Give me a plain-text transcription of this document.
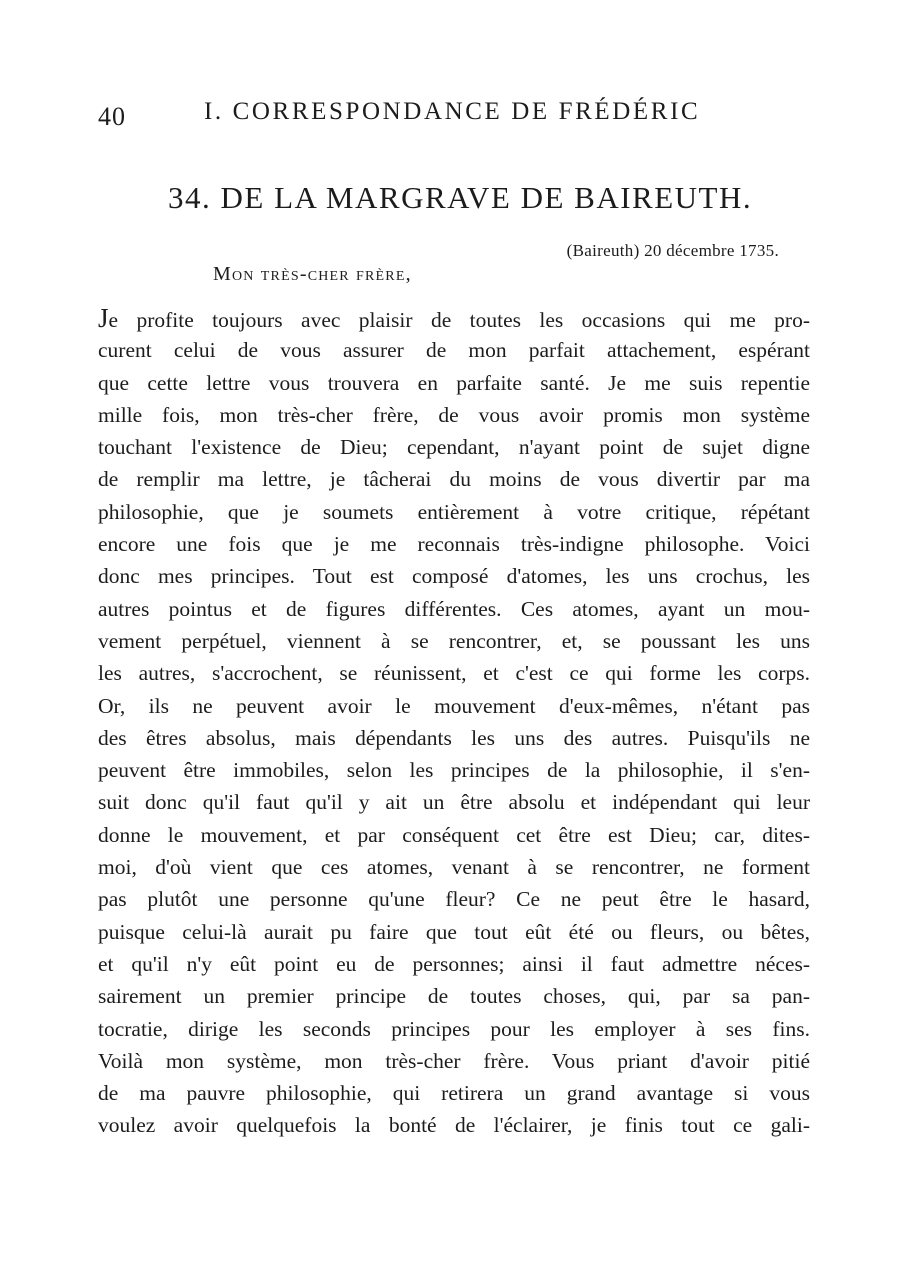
40	I. CORRESPONDANCE DE FRÉDÉRIC
34. DE LA MARGRAVE DE BAIREUTH.
(Baireuth) 20 décembre 1735.
Mon très-cher frère,
Je profite toujours avec plaisir de toutes les occasions qui me pro-
curent celui de vous assurer de mon parfait attachement, espérant
que cette lettre vous trouvera en parfaite santé. Je me suis repentie
mille fois, mon très-cher frère, de vous avoir promis mon système
touchant l'existence de Dieu; cependant, n'ayant point de sujet digne
de remplir ma lettre, je tâcherai du moins de vous divertir par ma
philosophie, que je soumets entièrement à votre critique, répétant
encore une fois que je me reconnais très-indigne philosophe. Voici
donc mes principes. Tout est composé d'atomes, les uns crochus, les
autres pointus et de figures différentes. Ces atomes, ayant un mou-
vement perpétuel, viennent à se rencontrer, et, se poussant les uns
les autres, s'accrochent, se réunissent, et c'est ce qui forme les corps.
Or, ils ne peuvent avoir le mouvement d'eux-mêmes, n'étant pas
des êtres absolus, mais dépendants les uns des autres. Puisqu'ils ne
peuvent être immobiles, selon les principes de la philosophie, il s'en-
suit donc qu'il faut qu'il y ait un être absolu et indépendant qui leur
donne le mouvement, et par conséquent cet être est Dieu; car, dites-
moi, d'où vient que ces atomes, venant à se rencontrer, ne forment
pas plutôt une personne qu'une fleur? Ce ne peut être le hasard,
puisque celui-là aurait pu faire que tout eût été ou fleurs, ou bêtes,
et qu'il n'y eût point eu de personnes; ainsi il faut admettre néces-
sairement un premier principe de toutes choses, qui, par sa pan-
tocratie, dirige les seconds principes pour les employer à ses fins.
Voilà mon système, mon très-cher frère. Vous priant d'avoir pitié
de ma pauvre philosophie, qui retirera un grand avantage si vous
voulez avoir quelquefois la bonté de l'éclairer, je finis tout ce gali-
